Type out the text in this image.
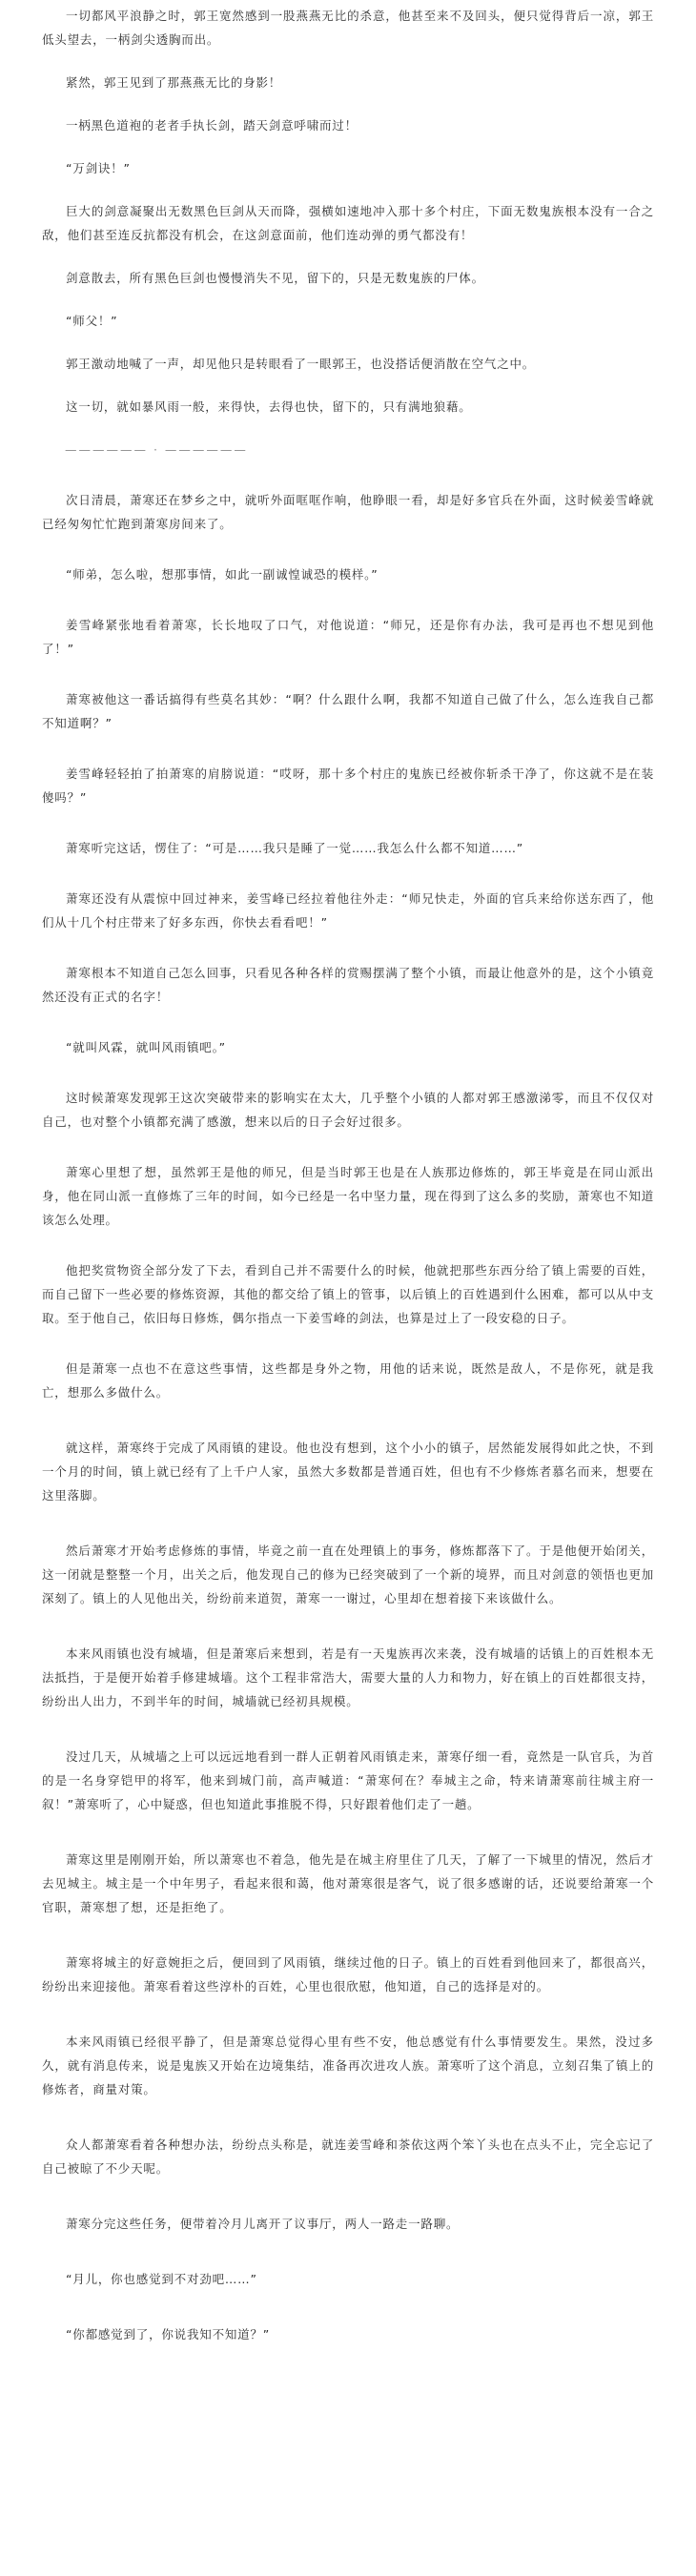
一切都风平浪静之时，郭王宽然感到一股燕燕无比的杀意，他甚至来不及回头，便只觉得背后一凉，郭王低头望去，一柄剑尖透胸而出。
紧然，郭王见到了那燕燕无比的身影！
一柄黑色道袍的老者手执长剑，踏天剑意呼啸而过！
“万剑诀！”
巨大的剑意凝聚出无数黑色巨剑从天而降，强横如速地冲入那十多个村庄，下面无数鬼族根本没有一合之敌，他们甚至连反抗都没有机会，在这剑意面前，他们连动弹的勇气都没有！
剑意散去，所有黑色巨剑也慢慢消失不见，留下的，只是无数鬼族的尸体。
“师父！”
郭王激动地喊了一声，却见他只是转眼看了一眼郭王，也没搭话便消散在空气之中。
这一切，就如暴风雨一般，来得快，去得也快，留下的，只有满地狼藉。
—————— · ——————
次日清晨，萧寒还在梦乡之中，就听外面哐哐作响，他睁眼一看，却是好多官兵在外面，这时候姜雪峰就已经匆匆忙忙跑到萧寒房间来了。
“师弟，怎么啦，想那事情，如此一副诚惶诚恐的模样。”
姜雪峰紧张地看着萧寒，长长地叹了口气，对他说道：“师兄，还是你有办法，我可是再也不想见到他了！”
萧寒被他这一番话搞得有些莫名其妙：“啊？什么跟什么啊，我都不知道自己做了什么，怎么连我自己都不知道啊？”
姜雪峰轻轻拍了拍萧寒的肩膀说道：“哎呀，那十多个村庄的鬼族已经被你斩杀干净了，你这就不是在装傻吗？”
萧寒听完这话，愣住了：“可是……我只是睡了一觉……我怎么什么都不知道……”
萧寒还没有从震惊中回过神来，姜雪峰已经拉着他往外走：“师兄快走，外面的官兵来给你送东西了，他们从十几个村庄带来了好多东西，你快去看看吧！”
萧寒根本不知道自己怎么回事，只看见各种各样的赏赐摆满了整个小镇，而最让他意外的是，这个小镇竟然还没有正式的名字！
“就叫风霖，就叫风雨镇吧。”
这时候萧寒发现郭王这次突破带来的影响实在太大，几乎整个小镇的人都对郭王感激涕零，而且不仅仅对自己，也对整个小镇都充满了感激，想来以后的日子会好过很多。
萧寒心里想了想，虽然郭王是他的师兄，但是当时郭王也是在人族那边修炼的，郭王毕竟是在同山派出身，他在同山派一直修炼了三年的时间，如今已经是一名中坚力量，现在得到了这么多的奖励，萧寒也不知道该怎么处理。
他把奖赏物资全部分发了下去，看到自己并不需要什么的时候，他就把那些东西分给了镇上需要的百姓，而自己留下一些必要的修炼资源，其他的都交给了镇上的管事，以后镇上的百姓遇到什么困难，都可以从中支取。至于他自己，依旧每日修炼，偶尔指点一下姜雪峰的剑法，也算是过上了一段安稳的日子。
但是萧寒一点也不在意这些事情，这些都是身外之物，用他的话来说，既然是敌人，不是你死，就是我亡，想那么多做什么。
就这样，萧寒终于完成了风雨镇的建设。他也没有想到，这个小小的镇子，居然能发展得如此之快，不到一个月的时间，镇上就已经有了上千户人家，虽然大多数都是普通百姓，但也有不少修炼者慕名而来，想要在这里落脚。
然后萧寒才开始考虑修炼的事情，毕竟之前一直在处理镇上的事务，修炼都落下了。于是他便开始闭关，这一闭就是整整一个月，出关之后，他发现自己的修为已经突破到了一个新的境界，而且对剑意的领悟也更加深刻了。镇上的人见他出关，纷纷前来道贺，萧寒一一谢过，心里却在想着接下来该做什么。
本来风雨镇也没有城墙，但是萧寒后来想到，若是有一天鬼族再次来袭，没有城墙的话镇上的百姓根本无法抵挡，于是便开始着手修建城墙。这个工程非常浩大，需要大量的人力和物力，好在镇上的百姓都很支持，纷纷出人出力，不到半年的时间，城墙就已经初具规模。
没过几天，从城墙之上可以远远地看到一群人正朝着风雨镇走来，萧寒仔细一看，竟然是一队官兵，为首的是一名身穿铠甲的将军，他来到城门前，高声喊道：“萧寒何在？奉城主之命，特来请萧寒前往城主府一叙！”萧寒听了，心中疑惑，但也知道此事推脱不得，只好跟着他们走了一趟。
萧寒这里是刚刚开始，所以萧寒也不着急，他先是在城主府里住了几天，了解了一下城里的情况，然后才去见城主。城主是一个中年男子，看起来很和蔼，他对萧寒很是客气，说了很多感谢的话，还说要给萧寒一个官职，萧寒想了想，还是拒绝了。
萧寒将城主的好意婉拒之后，便回到了风雨镇，继续过他的日子。镇上的百姓看到他回来了，都很高兴，纷纷出来迎接他。萧寒看着这些淳朴的百姓，心里也很欣慰，他知道，自己的选择是对的。
本来风雨镇已经很平静了，但是萧寒总觉得心里有些不安，他总感觉有什么事情要发生。果然，没过多久，就有消息传来，说是鬼族又开始在边境集结，准备再次进攻人族。萧寒听了这个消息，立刻召集了镇上的修炼者，商量对策。
众人都萧寒看着各种想办法，纷纷点头称是，就连姜雪峰和茶依这两个笨丫头也在点头不止，完全忘记了自己被晾了不少天呢。
萧寒分完这些任务，便带着冷月儿离开了议事厅，两人一路走一路聊。
“月儿，你也感觉到不对劲吧……”
“你都感觉到了，你说我知不知道？”
